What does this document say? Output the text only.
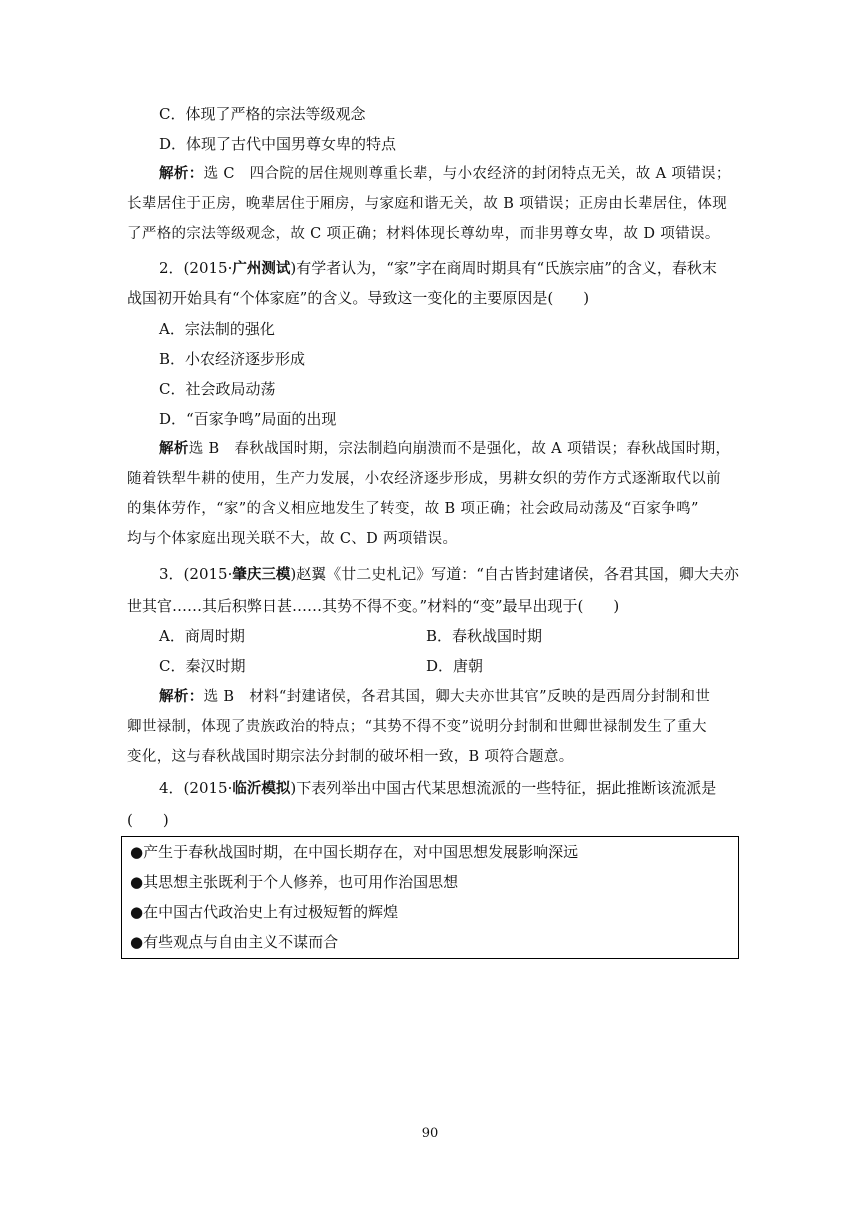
C．体现了严格的宗法等级观念
D．体现了古代中国男尊女卑的特点
解析：选 C　四合院的居住规则尊重长辈，与小农经济的封闭特点无关，故 A 项错误；
长辈居住于正房，晚辈居住于厢房，与家庭和谐无关，故 B 项错误；正房由长辈居住，体现
了严格的宗法等级观念，故 C 项正确；材料体现长尊幼卑，而非男尊女卑，故 D 项错误。
2．(2015·广州测试)有学者认为，“家”字在商周时期具有“氏族宗庙”的含义，春秋末
战国初开始具有“个体家庭”的含义。导致这一变化的主要原因是(　　)
A．宗法制的强化
B．小农经济逐步形成
C．社会政局动荡
D．“百家争鸣”局面的出现
解析选 B　春秋战国时期，宗法制趋向崩溃而不是强化，故 A 项错误；春秋战国时期，
随着铁犁牛耕的使用，生产力发展，小农经济逐步形成，男耕女织的劳作方式逐渐取代以前
的集体劳作，“家”的含义相应地发生了转变，故 B 项正确；社会政局动荡及“百家争鸣”
均与个体家庭出现关联不大，故 C、D 两项错误。
3．(2015·肇庆三模)赵翼《廿二史札记》写道：“自古皆封建诸侯，各君其国，卿大夫亦
世其官……其后积弊日甚……其势不得不变。”材料的“变”最早出现于(　　)
A．商周时期	B．春秋战国时期
C．秦汉时期	D．唐朝
解析：选 B　材料“封建诸侯，各君其国，卿大夫亦世其官”反映的是西周分封制和世
卿世禄制，体现了贵族政治的特点；“其势不得不变”说明分封制和世卿世禄制发生了重大
变化，这与春秋战国时期宗法分封制的破坏相一致，B 项符合题意。
4．(2015·临沂模拟)下表列举出中国古代某思想流派的一些特征，据此推断该流派是
(　　)
●产生于春秋战国时期，在中国长期存在，对中国思想发展影响深远
●其思想主张既利于个人修养，也可用作治国思想
●在中国古代政治史上有过极短暂的辉煌
●有些观点与自由主义不谋而合
90
